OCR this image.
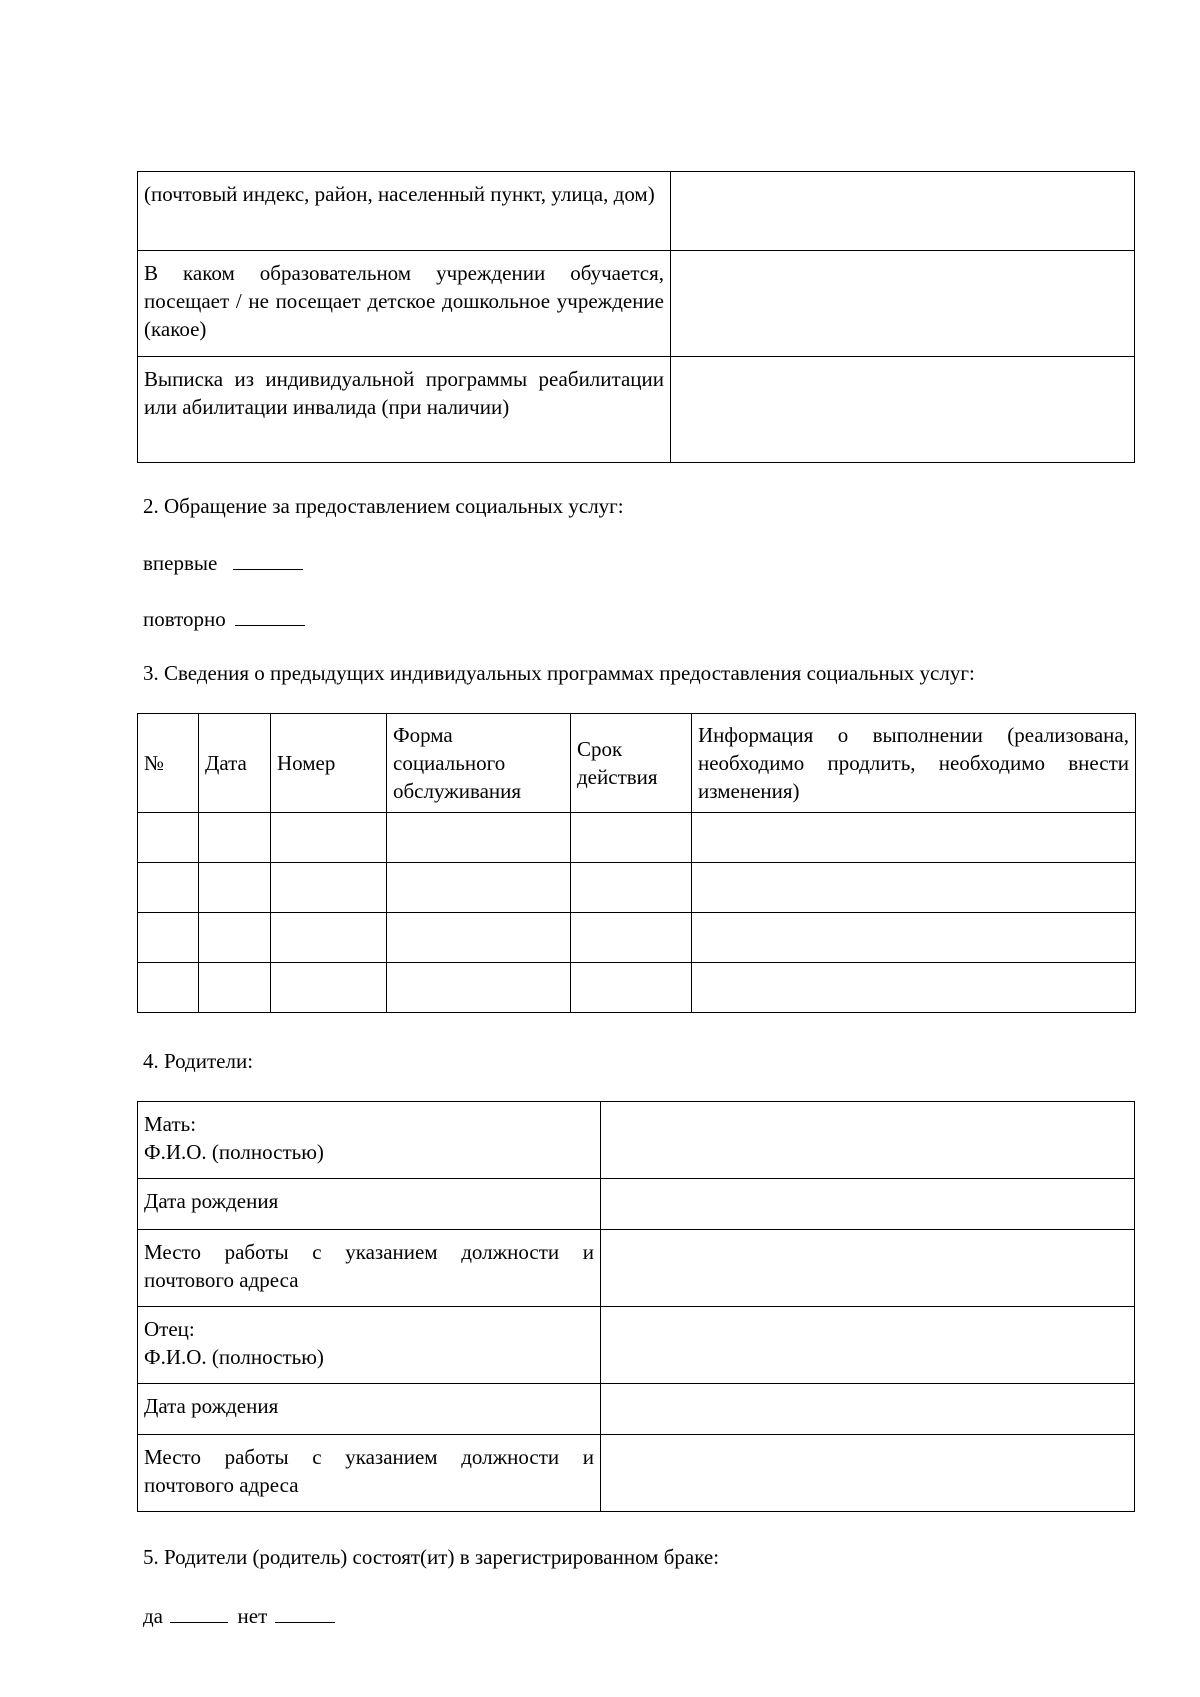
(почтовый индекс, район, населенный пункт, улица, дом)	
В каком образовательном учреждении обучается, посещает / не посещает детское дошкольное учреждение (какое)	
Выписка из индивидуальной программы реабилитации или абилитации инвалида (при наличии)	

2. Обращение за предоставлением социальных услуг:

впервые

повторно

3. Сведения о предыдущих индивидуальных программах предоставления социальных услуг:

№	Дата	Номер	Форма социального обслуживания	Срок действия	Информация о выполнении (реализована, необходимо продлить, необходимо внести изменения)

4. Родители:

Мать:
Ф.И.О. (полностью)	

Дата рождения	
Место работы с указанием должности и почтового адреса	

Отец:
Ф.И.О. (полностью)	

Дата рождения	
Место работы с указанием должности и почтового адреса	

5. Родители (родитель) состоят(ит) в зарегистрированном браке:

да	нет
